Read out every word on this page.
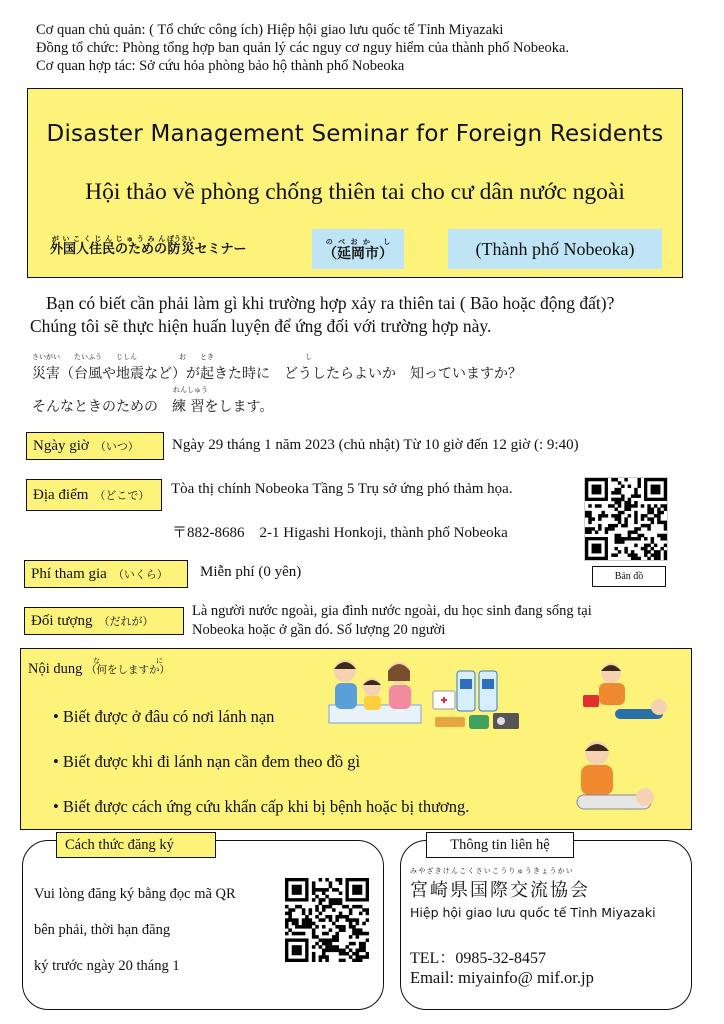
Cơ quan chủ quản: ( Tổ chức công ích) Hiệp hội giao lưu quốc tế Tỉnh Miyazaki
Đồng tổ chức: Phòng tổng hợp ban quản lý các nguy cơ nguy hiểm của thành phố Nobeoka.
Cơ quan hợp tác: Sở cứu hỏa phòng bảo hộ thành phố Nobeoka
Disaster Management Seminar for Foreign Residents
Hội thảo về phòng chống thiên tai cho cư dân nước ngoài
外国人住民のためのがいこくじんじゅうみん防災ぼうさいセミナー	（延岡市）のべおか し	(Thành phố Nobeoka)
Bạn có biết cần phải làm gì khi trường hợp xảy ra thiên tai ( Bão hoặc động đất)?
Chúng tôi sẽ thực hiện huấn luyện để ứng đối với trường hợp này.
さいがい　　たいふう　　じしん　　　　　　お　　とき　　　　　　　　　　　　　し
災害（台風や地震など）が起きた時に　どうしたらよいか　知っていますか？
れんしゅう
そんなときのための　練 習をします。
Ngày giờ （いつ） Ngày 29 tháng 1 năm 2023 (chủ nhật) Từ 10 giờ đến 12 giờ (: 9:40)
Địa điểm （どこで） Tòa thị chính Nobeoka Tầng 5 Trụ sở ứng phó thảm họa.
〒882-8686　2-1 Higashi Honkoji, thành phố Nobeoka
Bản đồ
Phí tham gia （いくら） Miễn phí (0 yên)
Đối tượng （だれが）
Là người nước ngoài, gia đình nước ngoài, du học sinh đang sống tại
Nobeoka hoặc ở gần đó. Số lượng 20 người
Nội dung （何をしますか）なに
• Biết được ở đâu có nơi lánh nạn
• Biết được khi đi lánh nạn cần đem theo đồ gì
• Biết được cách ứng cứu khẩn cấp khi bị bệnh hoặc bị thương.
Cách thức đăng ký
Vui lòng đăng ký bằng đọc mã QR
bên phải, thời hạn đăng
ký trước ngày 20 tháng 1
Thông tin liên hệ
みやざきけんこくさいこうりゅうきょうかい
宮崎県国際交流協会
Hiệp hội giao lưu quốc tế Tỉnh Miyazaki
TEL：0985-32-8457
Email: miyainfo@ mif.or.jp
